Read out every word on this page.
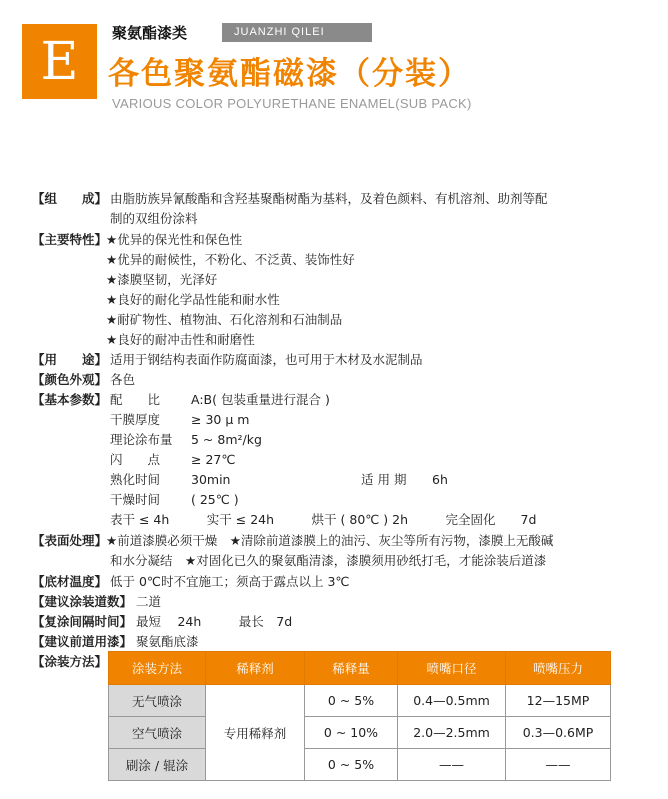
E	聚氨酯漆类	JUANZHI QILEI
各色聚氨酯磁漆（分装）
VARIOUS COLOR POLYURETHANE ENAMEL(SUB PACK)
【组　　成】 由脂肪族异氰酸酯和含羟基聚酯树酯为基料，及着色颜料、有机溶剂、助剂等配
制的双组份涂料
【主要特性】
★优异的保光性和保色性
★优异的耐候性，不粉化、不泛黄、装饰性好
★漆膜坚韧，光泽好
★良好的耐化学品性能和耐水性
★耐矿物性、植物油、石化溶剂和石油制品
★良好的耐冲击性和耐磨性
【用　　途】 适用于钢结构表面作防腐面漆，也可用于木材及水泥制品
【颜色外观】 各色
【基本参数】 配　　比 A:B( 包装重量进行混合 )
干膜厚度 ≥ 30 μ m
理论涂布量 5 ~ 8m²/kg
闪　　点 ≥ 27℃
熟化时间 30min	适 用 期 6h
干燥时间 ( 25℃ )
表干 ≤ 4h　　　实干 ≤ 24h　　　烘干 ( 80℃ ) 2h　　　完全固化　　7d
【表面处理】
★前道漆膜必须干燥　★清除前道漆膜上的油污、灰尘等所有污物，漆膜上无酸碱
和水分凝结　★对固化已久的聚氨酯清漆，漆膜须用砂纸打毛，才能涂装后道漆
【底材温度】 低于 0℃时不宜施工；须高于露点以上 3℃
【建议涂装道数】 二道
【复涂间隔时间】 最短　 24h　　　最长　7d
【建议前道用漆】 聚氨酯底漆
【涂装方法】 涂装方法	稀释剂	稀释量	喷嘴口径	喷嘴压力
无气喷涂	专用稀释剂	0 ~ 5%	0.4—0.5mm	12—15MP
空气喷涂		0 ~ 10%	2.0—2.5mm	0.3—0.6MP
刷涂 / 辊涂		0 ~ 5%	——	——
